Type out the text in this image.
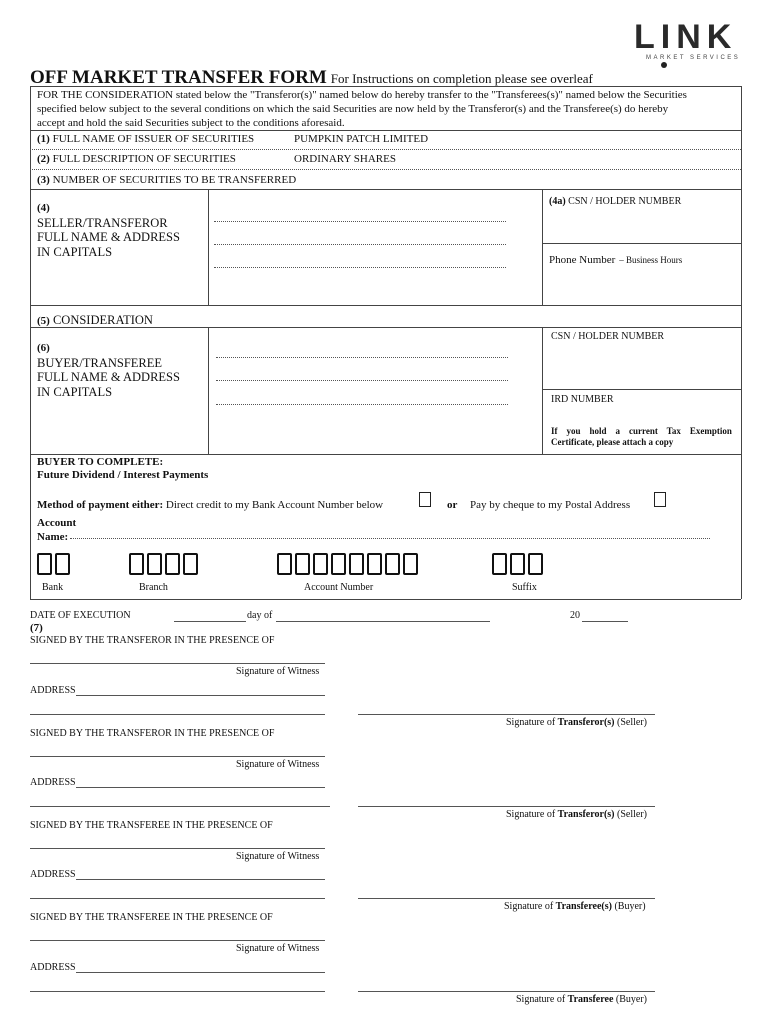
LINK
MARKET SERVICES
OFF MARKET TRANSFER FORM For Instructions on completion please see overleaf
FOR THE CONSIDERATION stated below the "Transferor(s)" named below do hereby transfer to the "Transferees(s)" named below the Securities
specified below subject to the several conditions on which the said Securities are now held by the Transferor(s) and the Transferee(s) do hereby
accept and hold the said Securities subject to the conditions aforesaid.
(1) FULL NAME OF ISSUER OF SECURITIES	PUMPKIN PATCH LIMITED
(2) FULL DESCRIPTION OF SECURITIES	ORDINARY SHARES
(3) NUMBER OF SECURITIES TO BE TRANSFERRED
(4)
SELLER/TRANSFEROR
FULL NAME & ADDRESS
IN CAPITALS
(4a) CSN / HOLDER NUMBER
Phone Number – Business Hours
(5) CONSIDERATION
(6)
BUYER/TRANSFEREE
FULL NAME & ADDRESS
IN CAPITALS
CSN / HOLDER NUMBER
IRD NUMBER
If    you    hold    a    current    Tax    Exemption
Certificate, please attach a copy
BUYER TO COMPLETE:
Future Dividend / Interest Payments
Method of payment either: Direct credit to my Bank Account Number below	or Pay by cheque to my Postal Address
Account
Name:
Bank	Branch	Account Number	Suffix
DATE OF EXECUTION	day of	20
(7)
SIGNED BY THE TRANSFEROR IN THE PRESENCE OF
Signature of Witness
ADDRESS
Signature of Transferor(s) (Seller)
SIGNED BY THE TRANSFEROR IN THE PRESENCE OF
Signature of Witness
ADDRESS
Signature of Transferor(s) (Seller)
SIGNED BY THE TRANSFEREE IN THE PRESENCE OF
Signature of Witness
ADDRESS
Signature of Transferee(s) (Buyer)
SIGNED BY THE TRANSFEREE IN THE PRESENCE OF
Signature of Witness
ADDRESS
Signature of Transferee (Buyer)
